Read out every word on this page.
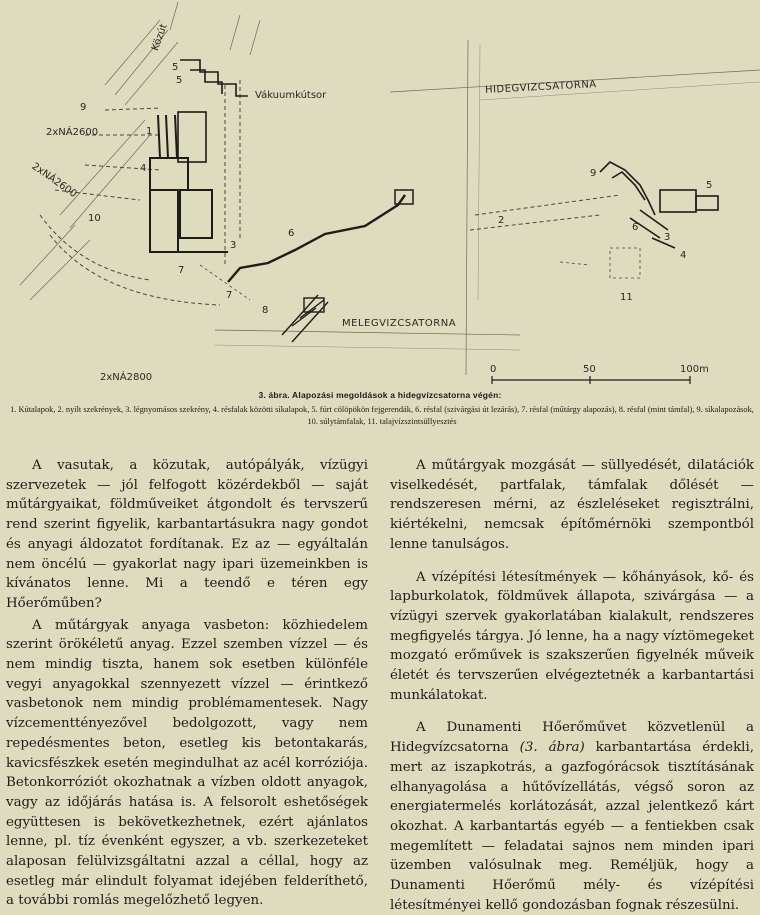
Közút
Vákuumkútsor	HIDEGVIZCSATORNA
MELEGVIZCSATORNA
2xNÁ2600
2xNÁ2600
2xNÁ2800
5
5
9
1
4
10
3
6
7
7
8
2
9
6
5
4
3
11
0	50	100m
3. ábra. Alapozási megoldások a hidegvízcsatorna végén:
1. Kútalapok, 2. nyílt szekrények, 3. légnyomásos szekrény, 4. résfalak közötti síkalapok, 5. fúrt cölöpökön fejgerendák, 6. résfal (szivárgási út lezárás), 7. résfal (műtárgy alapozás), 8. résfal (mint támfal), 9. síkalapozások, 10. súlytámfalak, 11. talajvízszintsüllyesztés

A vasutak, a közutak, autópályák, vízügyi szervezetek — jól felfogott közérdekből — saját műtárgyaikat, földműveiket átgondolt és tervszerű rend szerint figyelik, karbantartásukra nagy gondot és anyagi áldozatot fordítanak. Ez az — egyáltalán nem öncélú — gyakorlat nagy ipari üzemeinkben is kívánatos lenne. Mi a teendő e téren egy Hőerőműben?

A műtárgyak anyaga vasbeton: közhiedelem szerint örökéletű anyag. Ezzel szemben vízzel — és nem mindig tiszta, hanem sok esetben különféle vegyi anyagokkal szennyezett vízzel — érintkező vasbetonok nem mindig problémamentesek. Nagy vízcementtényezővel bedolgozott, vagy nem repedésmentes beton, esetleg kis betontakarás, kavicsfészkek esetén megindulhat az acél korróziója. Betonkorróziót okozhatnak a vízben oldott anyagok, vagy az időjárás hatása is. A felsorolt eshetőségek együttesen is bekövetkezhetnek, ezért ajánlatos lenne, pl. tíz évenként egyszer, a vb. szerkezeteket alaposan felülvizsgáltatni azzal a céllal, hogy az esetleg már elindult folyamat idejében felderíthető, a további romlás megelőzhető legyen.

A műtárgyak mozgását — süllyedését, dilatációk viselkedését, partfalak, támfalak dőlését — rendszeresen mérni, az észleléseket regisztrálni, kiértékelni, nemcsak építőmérnöki szempontból lenne tanulságos.

A vízépítési létesítmények — kőhányások, kő- és lapburkolatok, földművek állapota, szivárgása — a vízügyi szervek gyakorlatában kialakult, rendszeres megfigyelés tárgya. Jó lenne, ha a nagy víztömegeket mozgató erőművek is szakszerűen figyelnék műveik életét és tervszerűen elvégeztetnék a karbantartási munkálatokat.

A Dunamenti Hőerőművet közvetlenül a Hidegvízcsatorna (3. ábra) karbantartása érdekli, mert az iszapkotrás, a gazfogórácsok tisztításának elhanyagolása a hűtővízellátás, végső soron az energiatermelés korlátozását, azzal jelentkező kárt okozhat. A karbantartás egyéb — a fentiekben csak megemlített — feladatai sajnos nem minden ipari üzemben valósulnak meg. Reméljük, hogy a Dunamenti Hőerőmű mély- és vízépítési létesítményei kellő gondozásban fognak részesülni.
